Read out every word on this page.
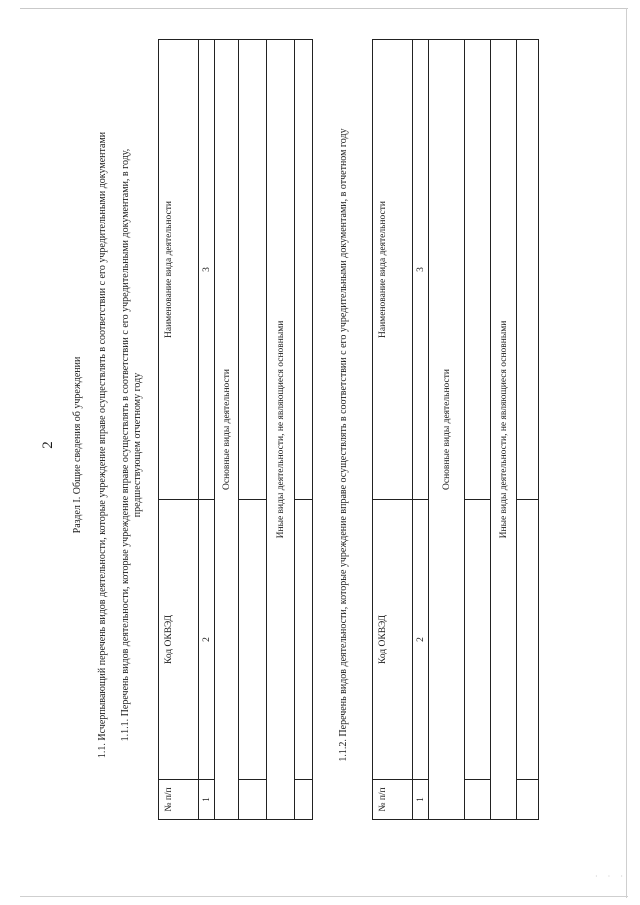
· · ·
2 Раздел I. Общие сведения об учреждении 1.1. Исчерпывающий перечень видов деятельности, которые учреждение вправе осуществлять в соответствии с его учредительными документами 1.1.1. Перечень видов деятельности, которые учреждение вправе осуществлять в соответствии с его учредительными документами, в году, предшествующем отчетному году
№ п/п	Код ОКВЭД	Наименование вида деятельности
1	2	3
Основные виды деятельности		

Иные виды деятельности, не являющиеся основными		
			1.1.2. Перечень видов деятельности, которые учреждение вправе осуществлять в соответствии с его учредительными документами, в отчетном году
№ п/п	Код ОКВЭД	Наименование вида деятельности
1	2	3
Основные виды деятельности		

Иные виды деятельности, не являющиеся основными		
